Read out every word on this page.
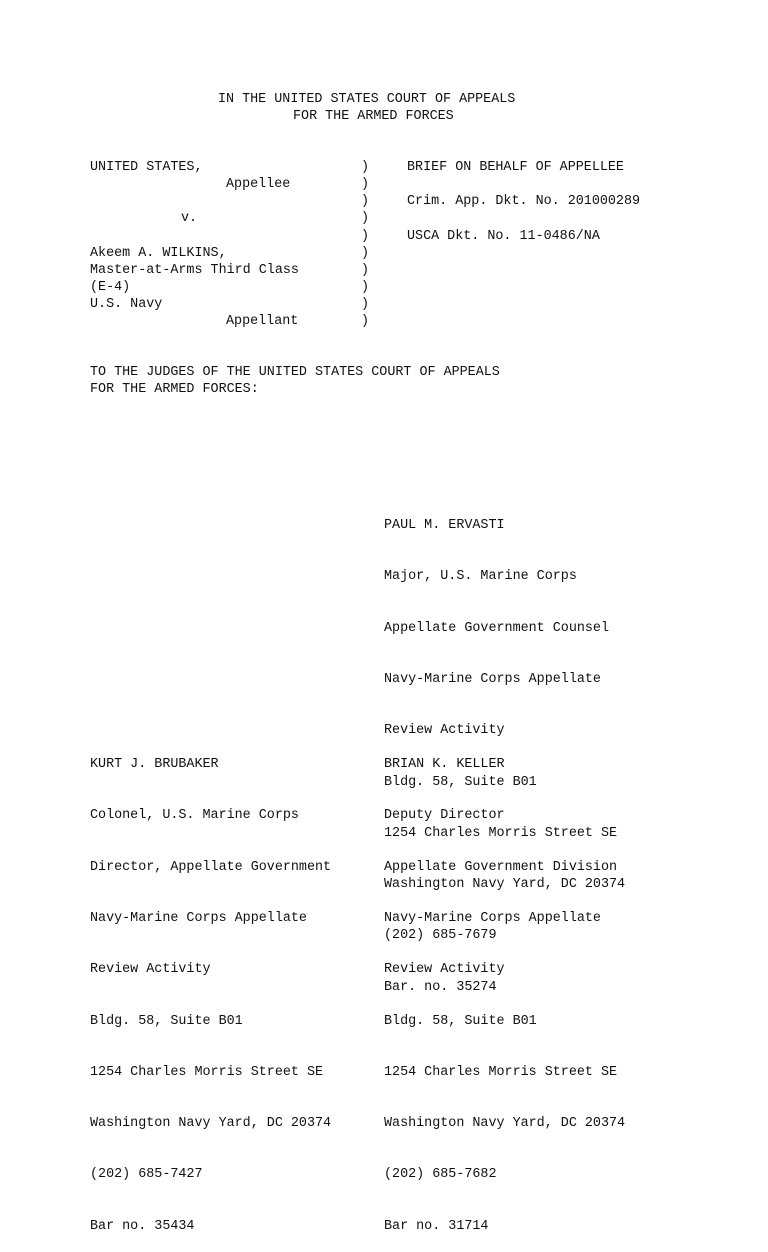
IN THE UNITED STATES COURT OF APPEALS
FOR THE ARMED FORCES
UNITED STATES,
Appellee
v.
Akeem A. WILKINS,
Master-at-Arms Third Class
(E-4)
U.S. Navy
Appellant
)
)
)
)
)
)
)
)
)
)
BRIEF ON BEHALF OF APPELLEE
Crim. App. Dkt. No. 201000289
USCA Dkt. No. 11-0486/NA
TO THE JUDGES OF THE UNITED STATES COURT OF APPEALS
FOR THE ARMED FORCES:

PAUL M. ERVASTI

Major, U.S. Marine Corps

Appellate Government Counsel

Navy-Marine Corps Appellate

Review Activity

Bldg. 58, Suite B01

1254 Charles Morris Street SE

Washington Navy Yard, DC 20374

(202) 685-7679

Bar. no. 35274

KURT J. BRUBAKER

Colonel, U.S. Marine Corps

Director, Appellate Government

Navy-Marine Corps Appellate

Review Activity

Bldg. 58, Suite B01

1254 Charles Morris Street SE

Washington Navy Yard, DC 20374

(202) 685-7427

Bar no. 35434

BRIAN K. KELLER

Deputy Director

Appellate Government Division

Navy-Marine Corps Appellate

Review Activity

Bldg. 58, Suite B01

1254 Charles Morris Street SE

Washington Navy Yard, DC 20374

(202) 685-7682

Bar no. 31714
